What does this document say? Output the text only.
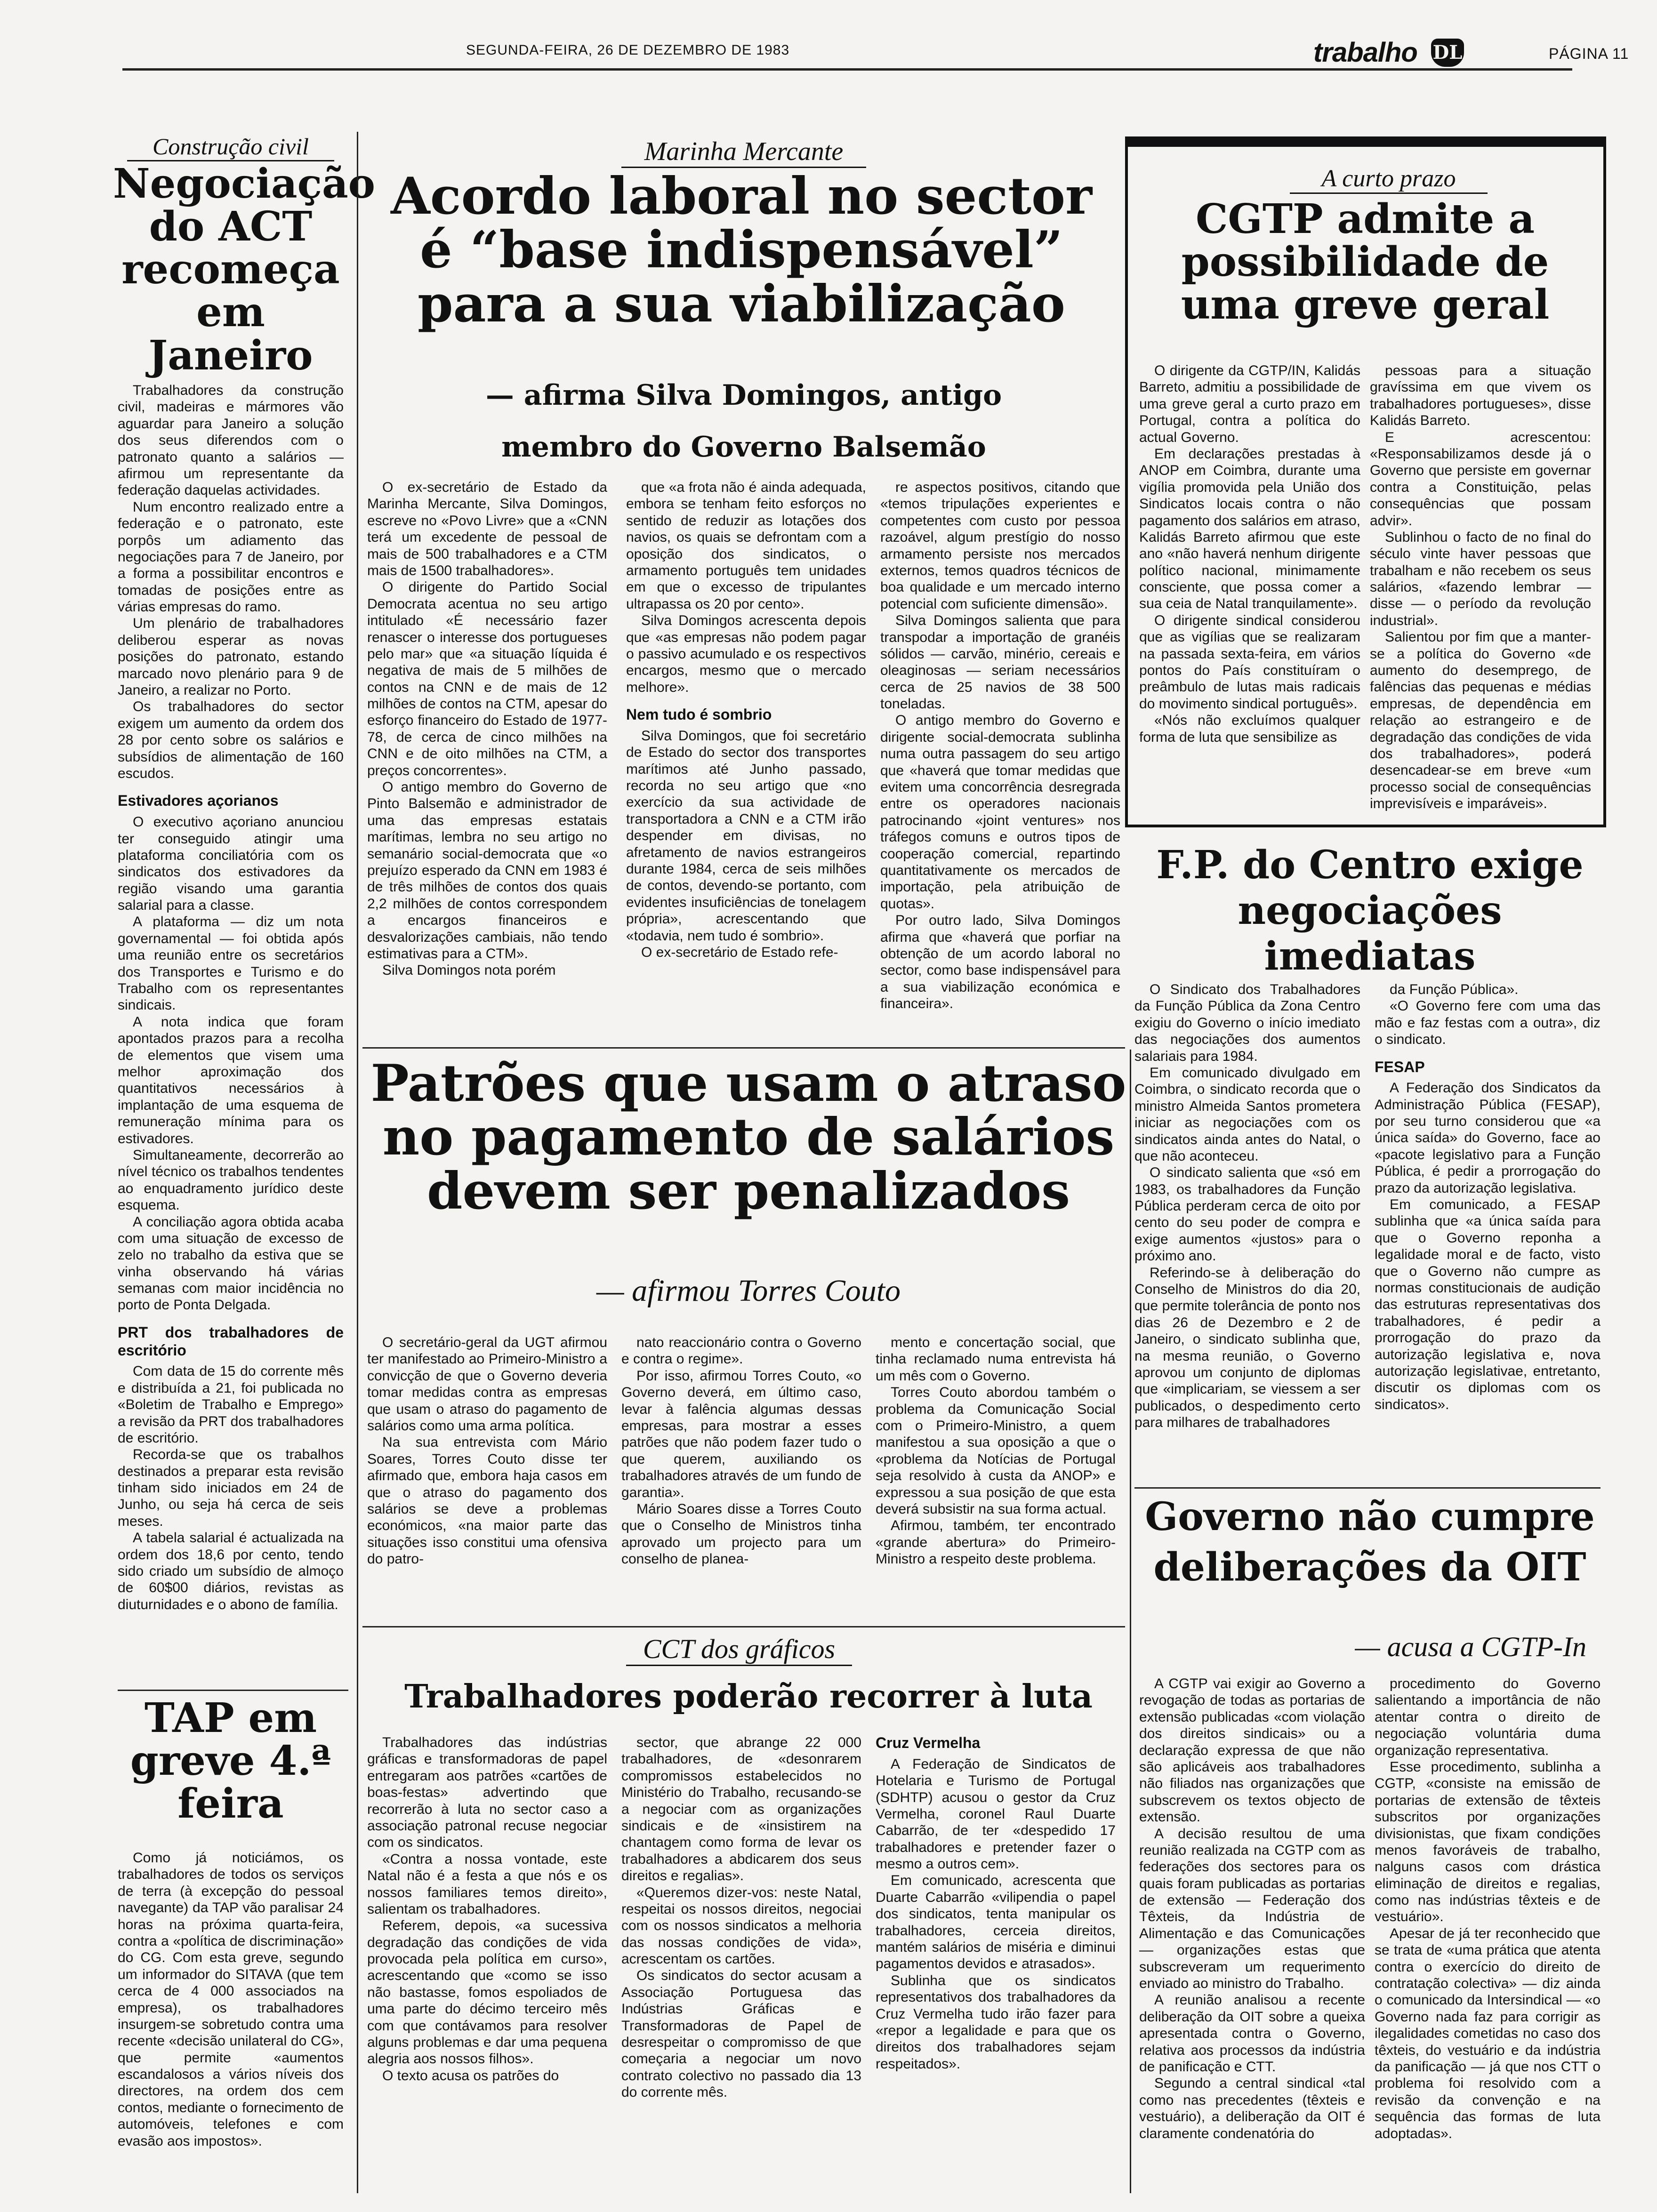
SEGUNDA-FEIRA, 26 DE DEZEMBRO DE 1983	trabalho DL	PÁGINA 11
Construção civil
Negociação do ACT recomeça em Janeiro

Trabalhadores da construção civil, madeiras e mármores vão aguardar para Janeiro a solução dos seus diferendos com o patronato quanto a salários — afirmou um representante da federação daquelas actividades.

Num encontro realizado entre a federação e o patronato, este porpôs um adiamento das negociações para 7 de Janeiro, por a forma a possibilitar encontros e tomadas de posições entre as várias empresas do ramo.

Um plenário de trabalhadores deliberou esperar as novas posições do patronato, estando marcado novo plenário para 9 de Janeiro, a realizar no Porto.

Os trabalhadores do sector exigem um aumento da ordem dos 28 por cento sobre os salários e subsídios de alimentação de 160 escudos.

Estivadores açorianos

O executivo açoriano anunciou ter conseguido atingir uma plataforma conciliatória com os sindicatos dos estivadores da região visando uma garantia salarial para a classe.

A plataforma — diz um nota governamental — foi obtida após uma reunião entre os secretários dos Transportes e Turismo e do Trabalho com os representantes sindicais.

A nota indica que foram apontados prazos para a recolha de elementos que visem uma melhor aproximação dos quantitativos necessários à implantação de uma esquema de remuneração mínima para os estivadores.

Simultaneamente, decorrerão ao nível técnico os trabalhos tendentes ao enquadramento jurídico deste esquema.

A conciliação agora obtida acaba com uma situação de excesso de zelo no trabalho da estiva que se vinha observando há várias semanas com maior incidência no porto de Ponta Delgada.

PRT dos trabalhadores de escritório

Com data de 15 do corrente mês e distribuída a 21, foi publicada no «Boletim de Trabalho e Emprego» a revisão da PRT dos trabalhadores de escritório.

Recorda-se que os trabalhos destinados a preparar esta revisão tinham sido iniciados em 24 de Junho, ou seja há cerca de seis meses.

A tabela salarial é actualizada na ordem dos 18,6 por cento, tendo sido criado um subsídio de almoço de 60$00 diários, revistas as diuturnidades e o abono de família.

TAP em greve 4.ª feira

Como já noticiámos, os trabalhadores de todos os serviços de terra (à excepção do pessoal navegante) da TAP vão paralisar 24 horas na próxima quarta-feira, contra a «política de discriminação» do CG. Com esta greve, segundo um informador do SITAVA (que tem cerca de 4 000 associados na empresa), os trabalhadores insurgem-se sobretudo contra uma recente «decisão unilateral do CG», que permite «aumentos escandalosos a vários níveis dos directores, na ordem dos cem contos, mediante o fornecimento de automóveis, telefones e com evasão aos impostos».

Marinha Mercante
Acordo laboral no sector é “base indispensável” para a sua viabilização
— afirma Silva Domingos, antigo
membro do Governo Balsemão

O ex-secretário de Estado da Marinha Mercante, Silva Domingos, escreve no «Povo Livre» que a «CNN terá um excedente de pessoal de mais de 500 trabalhadores e a CTM mais de 1500 trabalhadores».

O dirigente do Partido Social Democrata acentua no seu artigo intitulado «É necessário fazer renascer o interesse dos portugueses pelo mar» que «a situação líquida é negativa de mais de 5 milhões de contos na CNN e de mais de 12 milhões de contos na CTM, apesar do esforço financeiro do Estado de 1977-78, de cerca de cinco milhões na CNN e de oito milhões na CTM, a preços concorrentes».

O antigo membro do Governo de Pinto Balsemão e administrador de uma das empresas estatais marítimas, lembra no seu artigo no semanário social-democrata que «o prejuízo esperado da CNN em 1983 é de três milhões de contos dos quais 2,2 milhões de contos correspondem a encargos financeiros e desvalorizações cambiais, não tendo estimativas para a CTM».

Silva Domingos nota porém

que «a frota não é ainda adequada, embora se tenham feito esforços no sentido de reduzir as lotações dos navios, os quais se defrontam com a oposição dos sindicatos, o armamento português tem unidades em que o excesso de tripulantes ultrapassa os 20 por cento».

Silva Domingos acrescenta depois que «as empresas não podem pagar o passivo acumulado e os respectivos encargos, mesmo que o mercado melhore».

Nem tudo é sombrio

Silva Domingos, que foi secretário de Estado do sector dos transportes marítimos até Junho passado, recorda no seu artigo que «no exercício da sua actividade de transportadora a CNN e a CTM irão despender em divisas, no afretamento de navios estrangeiros durante 1984, cerca de seis milhões de contos, devendo-se portanto, com evidentes insuficiências de tonelagem própria», acrescentando que «todavia, nem tudo é sombrio».

O ex-secretário de Estado refe-

re aspectos positivos, citando que «temos tripulações experientes e competentes com custo por pessoa razoável, algum prestígio do nosso armamento persiste nos mercados externos, temos quadros técnicos de boa qualidade e um mercado interno potencial com suficiente dimensão».

Silva Domingos salienta que para transpodar a importação de granéis sólidos — carvão, minério, cereais e oleaginosas — seriam necessários cerca de 25 navios de 38 500 toneladas.

O antigo membro do Governo e dirigente social-democrata sublinha numa outra passagem do seu artigo que «haverá que tomar medidas que evitem uma concorrência desregrada entre os operadores nacionais patrocinando «joint ventures» nos tráfegos comuns e outros tipos de cooperação comercial, repartindo quantitativamente os mercados de importação, pela atribuição de quotas».

Por outro lado, Silva Domingos afirma que «haverá que porfiar na obtenção de um acordo laboral no sector, como base indispensável para a sua viabilização económica e financeira».

Patrões que usam o atraso no pagamento de salários devem ser penalizados
— afirmou Torres Couto

O secretário-geral da UGT afirmou ter manifestado ao Primeiro-Ministro a convicção de que o Governo deveria tomar medidas contra as empresas que usam o atraso do pagamento de salários como uma arma política.

Na sua entrevista com Mário Soares, Torres Couto disse ter afirmado que, embora haja casos em que o atraso do pagamento dos salários se deve a problemas económicos, «na maior parte das situações isso constitui uma ofensiva do patro-

nato reaccionário contra o Governo e contra o regime».

Por isso, afirmou Torres Couto, «o Governo deverá, em último caso, levar à falência algumas dessas empresas, para mostrar a esses patrões que não podem fazer tudo o que querem, auxiliando os trabalhadores através de um fundo de garantia».

Mário Soares disse a Torres Couto que o Conselho de Ministros tinha aprovado um projecto para um conselho de planea-

mento e concertação social, que tinha reclamado numa entrevista há um mês com o Governo.

Torres Couto abordou também o problema da Comunicação Social com o Primeiro-Ministro, a quem manifestou a sua oposição a que o «problema da Notícias de Portugal seja resolvido à custa da ANOP» e expressou a sua posição de que esta deverá subsistir na sua forma actual.

Afirmou, também, ter encontrado «grande abertura» do Primeiro-Ministro a respeito deste problema.

CCT dos gráficos
Trabalhadores poderão recorrer à luta

Trabalhadores das indústrias gráficas e transformadoras de papel entregaram aos patrões «cartões de boas-festas» advertindo que recorrerão à luta no sector caso a associação patronal recuse negociar com os sindicatos.

«Contra a nossa vontade, este Natal não é a festa a que nós e os nossos familiares temos direito», salientam os trabalhadores.

Referem, depois, «a sucessiva degradação das condições de vida provocada pela política em curso», acrescentando que «como se isso não bastasse, fomos espoliados de uma parte do décimo terceiro mês com que contávamos para resolver alguns problemas e dar uma pequena alegria aos nossos filhos».

O texto acusa os patrões do

sector, que abrange 22 000 trabalhadores, de «desonrarem compromissos estabelecidos no Ministério do Trabalho, recusando-se a negociar com as organizações sindicais e de «insistirem na chantagem como forma de levar os trabalhadores a abdicarem dos seus direitos e regalias».

«Queremos dizer-vos: neste Natal, respeitai os nossos direitos, negociai com os nossos sindicatos a melhoria das nossas condições de vida», acrescentam os cartões.

Os sindicatos do sector acusam a Associação Portuguesa das Indústrias Gráficas e Transformadoras de Papel de desrespeitar o compromisso de que começaria a negociar um novo contrato colectivo no passado dia 13 do corrente mês.

Cruz Vermelha

A Federação de Sindicatos de Hotelaria e Turismo de Portugal (SDHTP) acusou o gestor da Cruz Vermelha, coronel Raul Duarte Cabarrão, de ter «despedido 17 trabalhadores e pretender fazer o mesmo a outros cem».

Em comunicado, acrescenta que Duarte Cabarrão «vilipendia o papel dos sindicatos, tenta manipular os trabalhadores, cerceia direitos, mantém salários de miséria e diminui pagamentos devidos e atrasados».

Sublinha que os sindicatos representativos dos trabalhadores da Cruz Vermelha tudo irão fazer para «repor a legalidade e para que os direitos dos trabalhadores sejam respeitados».

A curto prazo
CGTP admite a possibilidade de uma greve geral

O dirigente da CGTP/IN, Kalidás Barreto, admitiu a possibilidade de uma greve geral a curto prazo em Portugal, contra a política do actual Governo.

Em declarações prestadas à ANOP em Coimbra, durante uma vigília promovida pela União dos Sindicatos locais contra o não pagamento dos salários em atraso, Kalidás Barreto afirmou que este ano «não haverá nenhum dirigente político nacional, minimamente consciente, que possa comer a sua ceia de Natal tranquilamente».

O dirigente sindical considerou que as vigílias que se realizaram na passada sexta-feira, em vários pontos do País constituíram o preâmbulo de lutas mais radicais do movimento sindical português».

«Nós não excluímos qualquer forma de luta que sensibilize as

pessoas para a situação gravíssima em que vivem os trabalhadores portugueses», disse Kalidás Barreto.

E acrescentou: «Responsabilizamos desde já o Governo que persiste em governar contra a Constituição, pelas consequências que possam advir».

Sublinhou o facto de no final do século vinte haver pessoas que trabalham e não recebem os seus salários, «fazendo lembrar — disse — o período da revolução industrial».

Salientou por fim que a manter-se a política do Governo «de aumento do desemprego, de falências das pequenas e médias empresas, de dependência em relação ao estrangeiro e de degradação das condições de vida dos trabalhadores», poderá desencadear-se em breve «um processo social de consequências imprevisíveis e imparáveis».

F.P. do Centro exige negociações imediatas

O Sindicato dos Trabalhadores da Função Pública da Zona Centro exigiu do Governo o início imediato das negociações dos aumentos salariais para 1984.

Em comunicado divulgado em Coimbra, o sindicato recorda que o ministro Almeida Santos prometera iniciar as negociações com os sindicatos ainda antes do Natal, o que não aconteceu.

O sindicato salienta que «só em 1983, os trabalhadores da Função Pública perderam cerca de oito por cento do seu poder de compra e exige aumentos «justos» para o próximo ano.

Referindo-se à deliberação do Conselho de Ministros do dia 20, que permite tolerância de ponto nos dias 26 de Dezembro e 2 de Janeiro, o sindicato sublinha que, na mesma reunião, o Governo aprovou um conjunto de diplomas que «implicariam, se viessem a ser publicados, o despedimento certo para milhares de trabalhadores

da Função Pública».

«O Governo fere com uma das mão e faz festas com a outra», diz o sindicato.

FESAP

A Federação dos Sindicatos da Administração Pública (FESAP), por seu turno considerou que «a única saída» do Governo, face ao «pacote legislativo para a Função Pública, é pedir a prorrogação do prazo da autorização legislativa.

Em comunicado, a FESAP sublinha que «a única saída para que o Governo reponha a legalidade moral e de facto, visto que o Governo não cumpre as normas constitucionais de audição das estruturas representativas dos trabalhadores, é pedir a prorrogação do prazo da autorização legislativa e, nova autorização legislativae, entretanto, discutir os diplomas com os sindicatos».

Governo não cumpre deliberações da OIT
— acusa a CGTP-In

A CGTP vai exigir ao Governo a revogação de todas as portarias de extensão publicadas «com violação dos direitos sindicais» ou a declaração expressa de que não são aplicáveis aos trabalhadores não filiados nas organizações que subscrevem os textos objecto de extensão.

A decisão resultou de uma reunião realizada na CGTP com as federações dos sectores para os quais foram publicadas as portarias de extensão — Federação dos Têxteis, da Indústria de Alimentação e das Comunicações — organizações estas que subscreveram um requerimento enviado ao ministro do Trabalho.

A reunião analisou a recente deliberação da OIT sobre a queixa apresentada contra o Governo, relativa aos processos da indústria de panificação e CTT.

Segundo a central sindical «tal como nas precedentes (têxteis e vestuário), a deliberação da OIT é claramente condenatória do

procedimento do Governo salientando a importância de não atentar contra o direito de negociação voluntária duma organização representativa.

Esse procedimento, sublinha a CGTP, «consiste na emissão de portarias de extensão de têxteis subscritos por organizações divisionistas, que fixam condições menos favoráveis de trabalho, nalguns casos com drástica eliminação de direitos e regalias, como nas indústrias têxteis e de vestuário».

Apesar de já ter reconhecido que se trata de «uma prática que atenta contra o exercício do direito de contratação colectiva» — diz ainda o comunicado da Intersindical — «o Governo nada faz para corrigir as ilegalidades cometidas no caso dos têxteis, do vestuário e da indústria da panificação — já que nos CTT o problema foi resolvido com a revisão da convenção e na sequência das formas de luta adoptadas».
